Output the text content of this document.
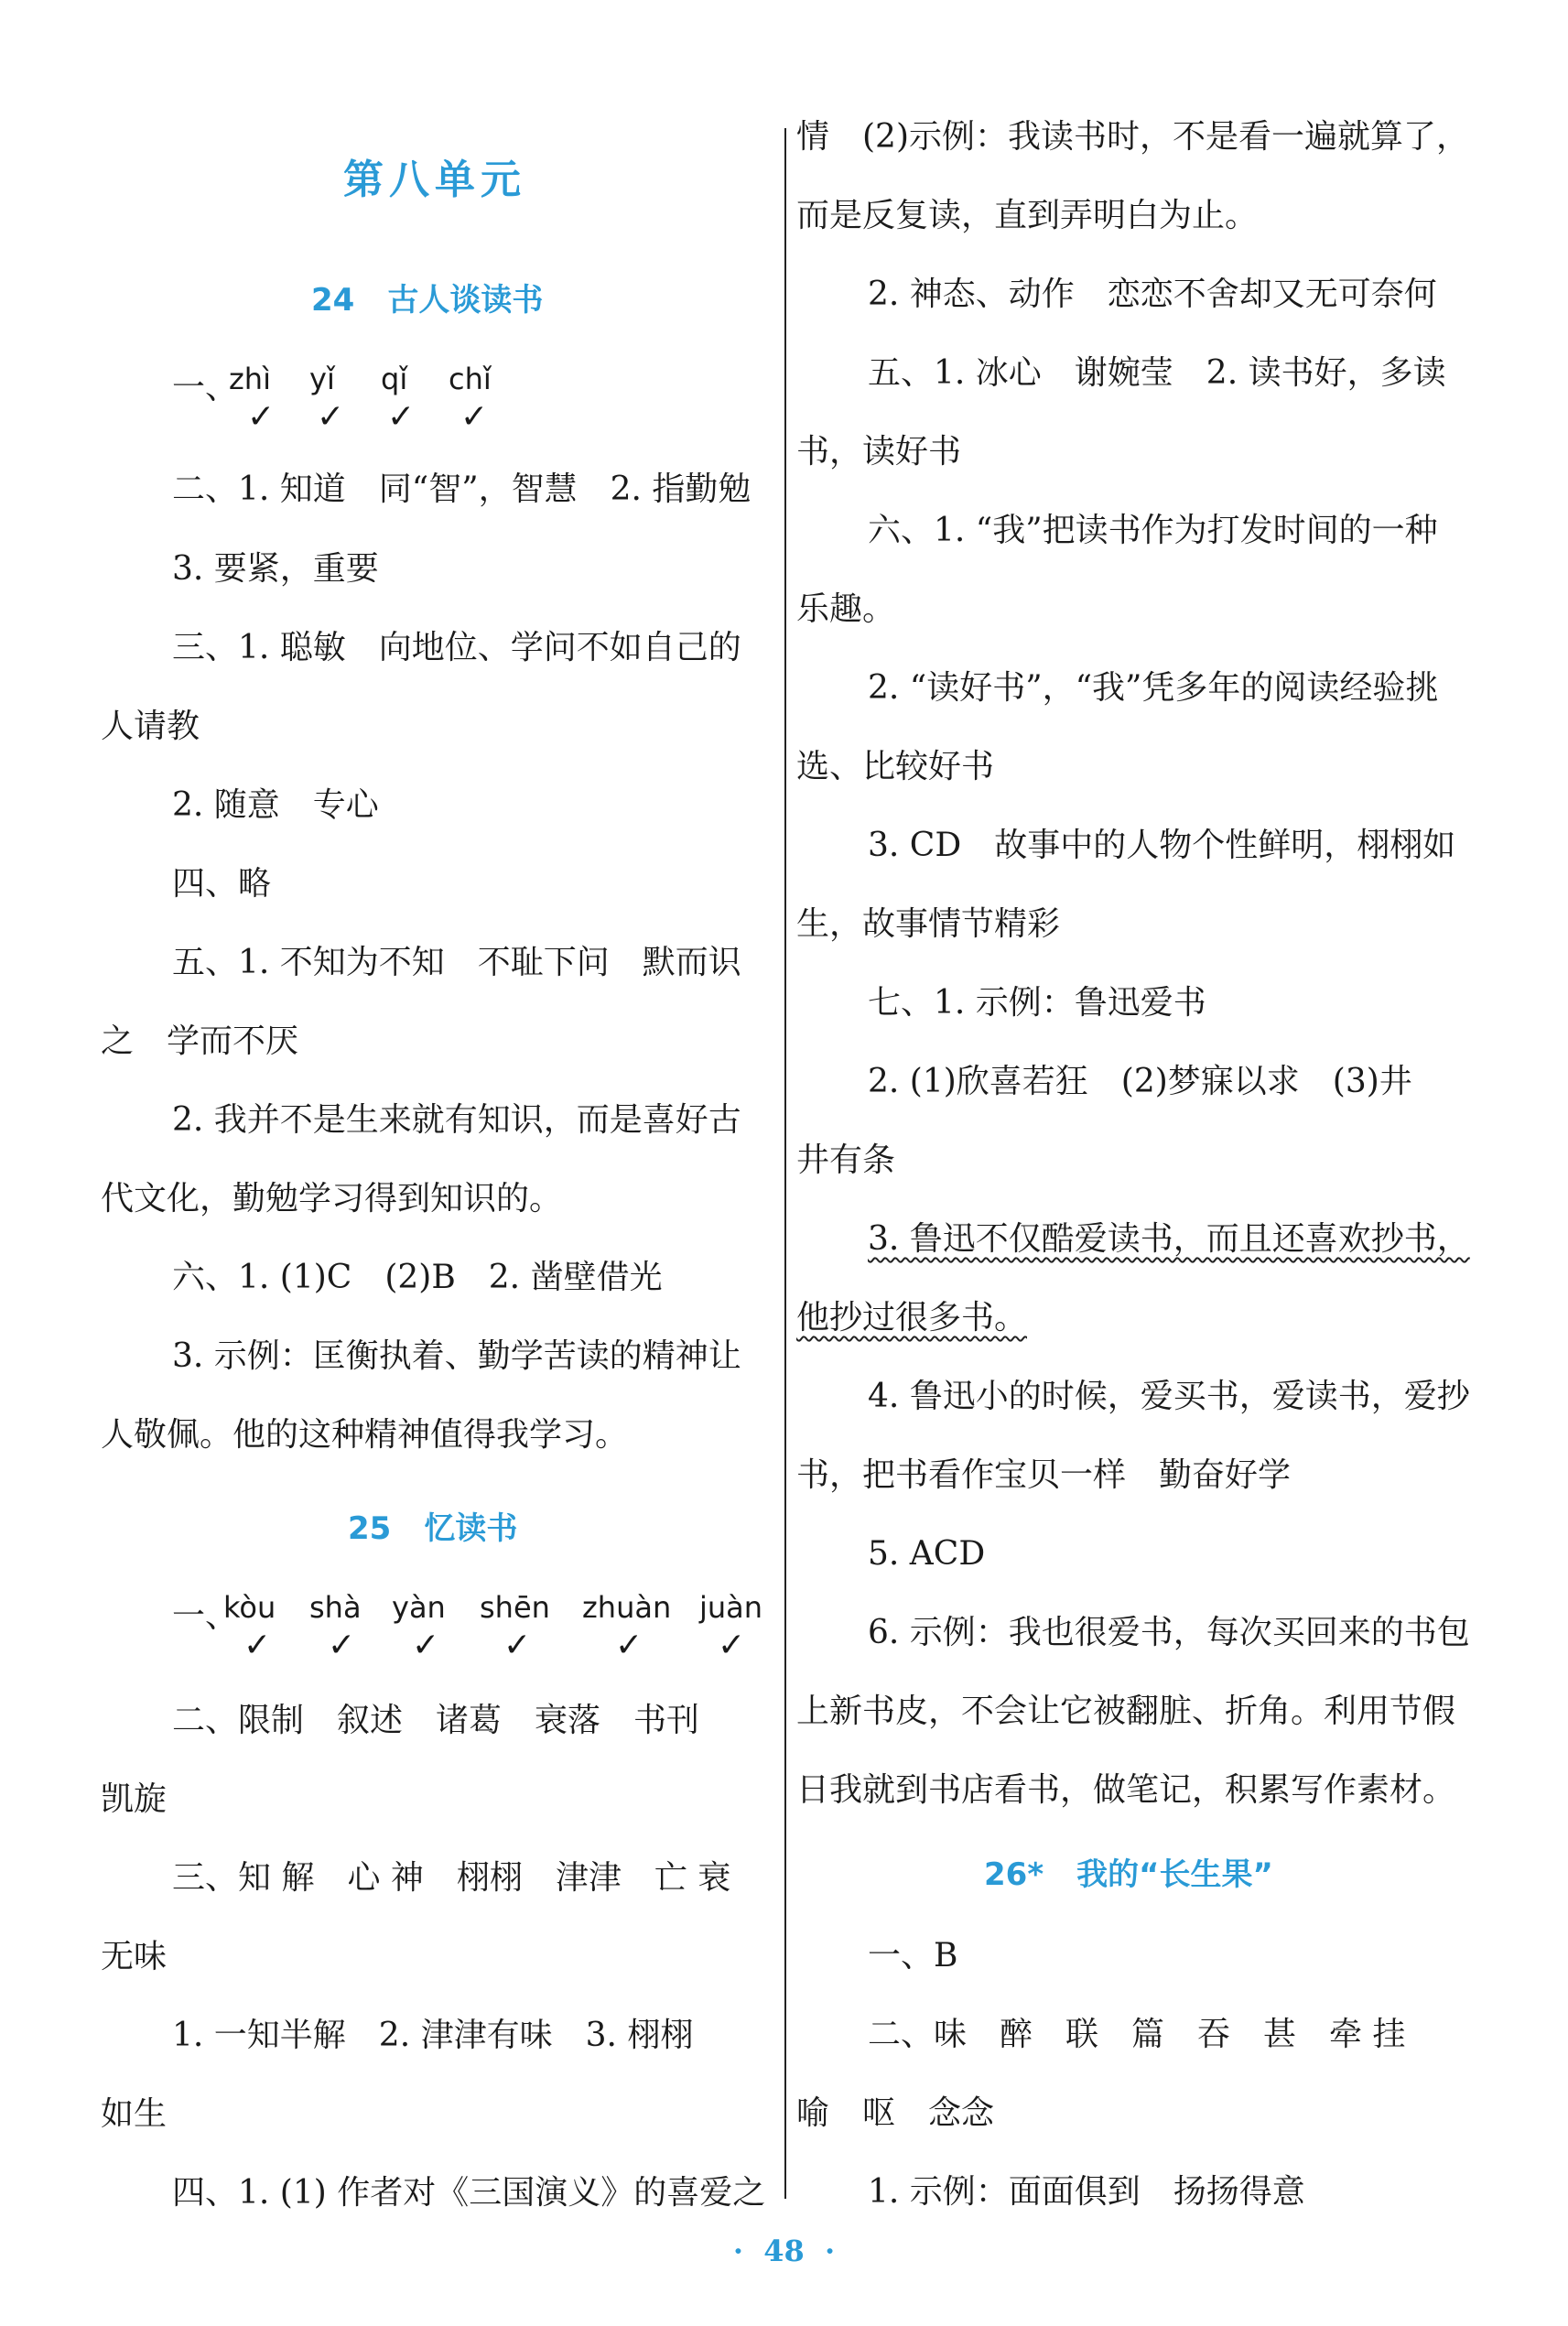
第八单元
24 古人谈读书

一、

zhì

yǐ

qǐ

chǐ

✓

✓

✓

✓

二、1. 知道　同“智”，智慧　2. 指勤勉
3. 要紧，重要
三、1. 聪敏　向地位、学问不如自己的
人请教
2. 随意　专心
四、略
五、1. 不知为不知　不耻下问　默而识
之　学而不厌
2. 我并不是生来就有知识，而是喜好古
代文化，勤勉学习得到知识的。
六、1. (1)C　(2)B　2. 凿壁借光
3. 示例：匡衡执着、勤学苦读的精神让
人敬佩。他的这种精神值得我学习。
25 忆读书

一、

kòu

shà

yàn

shēn

zhuàn

juàn

✓

✓

✓

✓

	✓

✓

二、限制　叙述　诸葛　衰落　书刊
凯旋
三、知 解　心 神　栩栩　津津　亡 衰
无味
1. 一知半解　2. 津津有味　3. 栩栩
如生
四、1. (1) 作者对《三国演义》的喜爱之
情　(2)示例：我读书时，不是看一遍就算了，
而是反复读，直到弄明白为止。
2. 神态、动作　恋恋不舍却又无可奈何
五、1. 冰心　谢婉莹　2. 读书好，多读
书，读好书
六、1. “我”把读书作为打发时间的一种
乐趣。
2. “读好书”，“我”凭多年的阅读经验挑
选、比较好书
3. CD　故事中的人物个性鲜明，栩栩如
生，故事情节精彩
七、1. 示例：鲁迅爱书
2. (1)欣喜若狂　(2)梦寐以求　(3)井
井有条
3. 鲁迅不仅酷爱读书，而且还喜欢抄书，
他抄过很多书。
4. 鲁迅小的时候，爱买书，爱读书，爱抄
书，把书看作宝贝一样　勤奋好学
5. ACD
6. 示例：我也很爱书，每次买回来的书包
上新书皮，不会让它被翻脏、折角。利用节假
日我就到书店看书，做笔记，积累写作素材。
26* 我的“长生果”
一、B
二、味　醉　联　篇　吞　甚　牵 挂
喻　呕　念念
1. 示例：面面俱到　扬扬得意
·  48  ·
